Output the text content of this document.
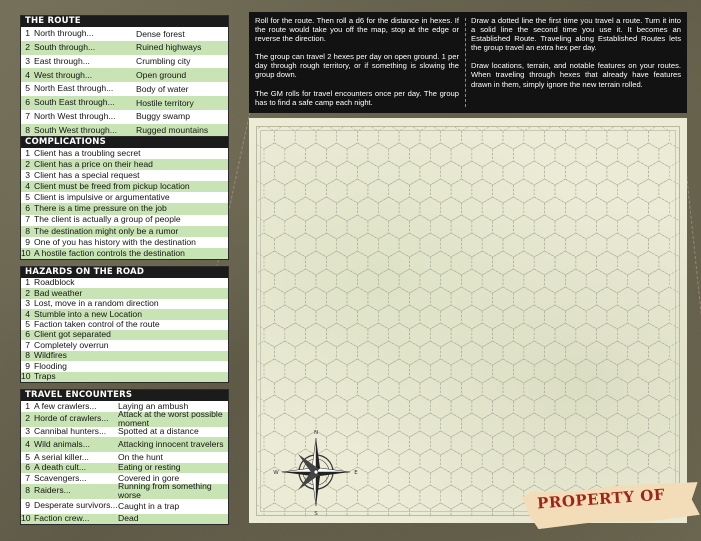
THE ROUTE
1 North through...	Dense forest
2 South through...	Ruined highways
3 East through...	Crumbling city
4 West through...	Open ground
5 North East through...	Body of water
6 South East through...	Hostile territory
7 North West through...	Buggy swamp
8 South West through...	Rugged mountains
COMPLICATIONS
1 Client has a troubling secret
2 Client has a price on their head
3 Client has a special request
4 Client must be freed from pickup location
5 Client is impulsive or argumentative
6 There is a time pressure on the job
7 The client is actually a group of people
8 The destination might only be a rumor
9 One of you has history with the destination
10 A hostile faction controls the destination
HAZARDS ON THE ROAD
1 Roadblock
2 Bad weather
3 Lost, move in a random direction
4 Stumble into a new Location
5 Faction taken control of the route
6 Client got separated
7 Completely overrun
8 Wildfires
9 Flooding
10 Traps
TRAVEL ENCOUNTERS
1 A few crawlers...	Laying an ambush
2 Horde of crawlers...	Attack at the worst possible moment
3 Cannibal hunters...	Spotted at a distance
4 Wild animals...	Attacking innocent travelers
5 A serial killer...	On the hunt
6 A death cult...	Eating or resting
7 Scavengers...	Covered in gore
8 Raiders...	Running from something worse
9 Desperate survivors... Caught in a trap
10 Faction crew...	Dead

Roll for the route. Then roll a d6 for the distance in hexes. If the route would take you off the map, stop at the edge or reverse the direction.

The group can travel 2 hexes per day on open ground. 1 per day through rough territory, or if something is slowing the group down.

The GM rolls for travel encounters once per day. The group has to find a safe camp each night.

Draw a dotted line the first time you travel a route. Turn it into a solid line the second time you use it. It becomes an Established Route. Traveling along Established Routes lets the group travel an extra hex per day.

Draw locations, terrain, and notable features on your routes. When traveling through hexes that already have features drawn in them, simply ignore the new terrain rolled.

N
S
E
W
PROPERTY OF
